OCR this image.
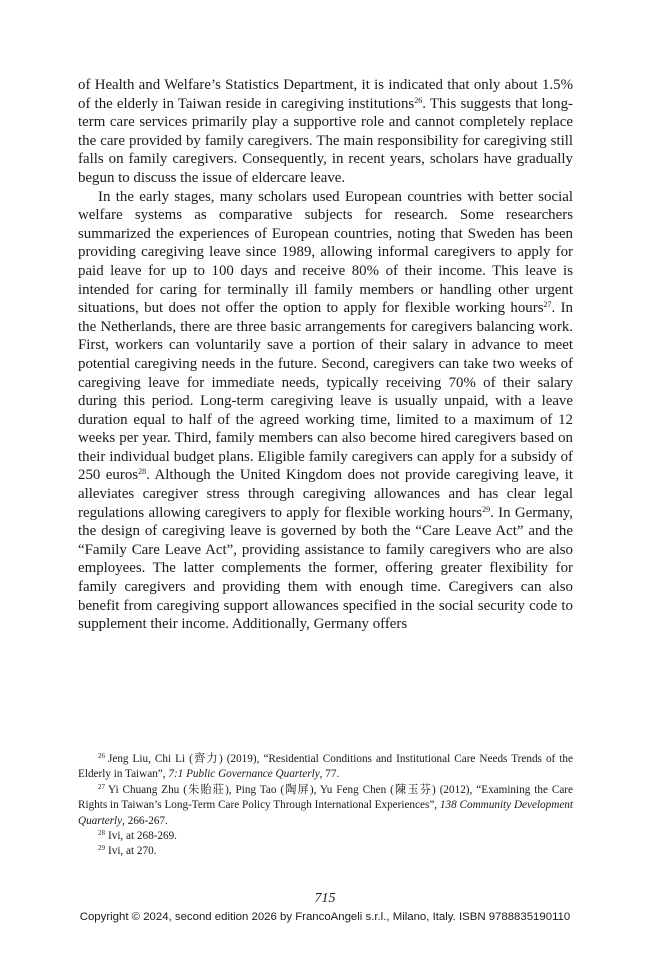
of Health and Welfare’s Statistics Department, it is indicated that only about 1.5% of the elderly in Taiwan reside in caregiving institutions$^{26}$. This suggests that long-term care services primarily play a supportive role and cannot completely replace the care provided by family caregivers. The main responsibility for caregiving still falls on family caregivers. Consequently, in recent years, scholars have gradually begun to discuss the issue of eldercare leave.

In the early stages, many scholars used European countries with better social welfare systems as comparative subjects for research. Some researchers summarized the experiences of European countries, noting that Sweden has been providing caregiving leave since 1989, allowing informal caregivers to apply for paid leave for up to 100 days and receive 80% of their income. This leave is intended for caring for terminally ill family members or handling other urgent situations, but does not offer the option to apply for flexible working hours$^{27}$. In the Netherlands, there are three basic arrangements for caregivers balancing work. First, workers can voluntarily save a portion of their salary in advance to meet potential caregiving needs in the future. Second, caregivers can take two weeks of caregiving leave for immediate needs, typically receiving 70% of their salary during this period. Long-term caregiving leave is usually unpaid, with a leave duration equal to half of the agreed working time, limited to a maximum of 12 weeks per year. Third, family members can also become hired caregivers based on their individual budget plans. Eligible family caregivers can apply for a subsidy of 250 euros$^{28}$. Although the United Kingdom does not provide caregiving leave, it alleviates caregiver stress through caregiving allowances and has clear legal regulations allowing caregivers to apply for flexible working hours$^{29}$. In Germany, the design of caregiving leave is governed by both the “Care Leave Act” and the “Family Care Leave Act”, providing assistance to family caregivers who are also employees. The latter complements the former, offering greater flexibility for family caregivers and providing them with enough time. Caregivers can also benefit from caregiving support allowances specified in the social security code to supplement their income. Additionally, Germany offers

$^{26}$ Jeng Liu, Chi Li (齊力) (2019), “Residential Conditions and Institutional Care Needs Trends of the Elderly in Taiwan”, 7:1 Public Governance Quarterly, 77.

$^{27}$ Yi Chuang Zhu (朱貽莊), Ping Tao (陶屏), Yu Feng Chen (陳玉芬) (2012), “Examining the Care Rights in Taiwan’s Long-Term Care Policy Through International Experiences”, 138 Community Development Quarterly, 266-267.

$^{28}$ Ivi, at 268-269.

$^{29}$ Ivi, at 270.

715
Copyright © 2024, second edition 2026 by FrancoAngeli s.r.l., Milano, Italy. ISBN 9788835190110
